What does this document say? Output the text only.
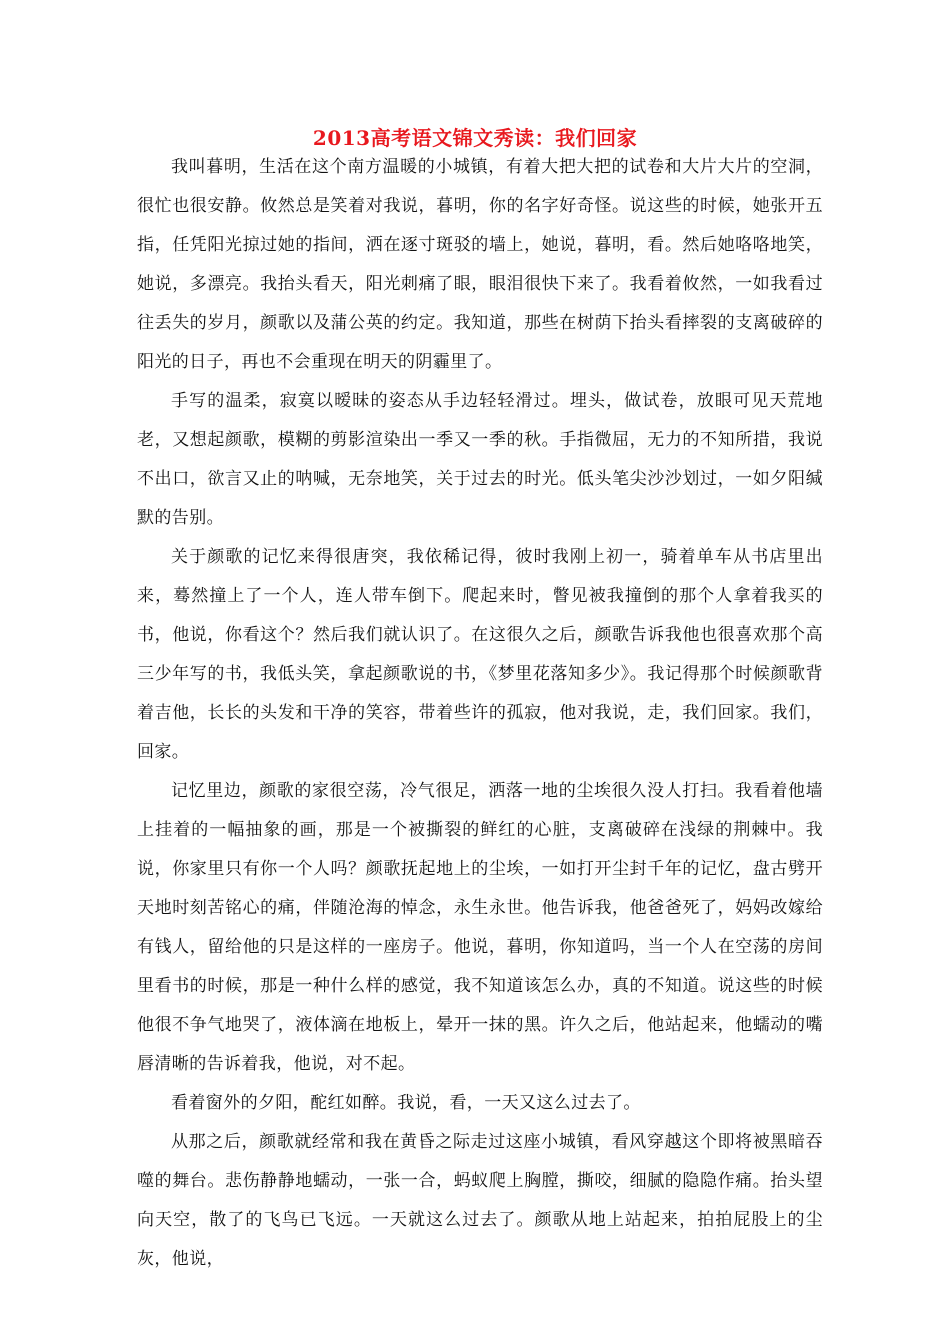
2013高考语文锦文秀读：我们回家

我叫暮明，生活在这个南方温暖的小城镇，有着大把大把的试卷和大片大片的空洞，很忙也很安静。攸然总是笑着对我说，暮明，你的名字好奇怪。说这些的时候，她张开五指，任凭阳光掠过她的指间，洒在逐寸斑驳的墙上，她说，暮明，看。然后她咯咯地笑，她说，多漂亮。我抬头看天，阳光刺痛了眼，眼泪很快下来了。我看着攸然，一如我看过往丢失的岁月，颜歌以及蒲公英的约定。我知道，那些在树荫下抬头看摔裂的支离破碎的阳光的日子，再也不会重现在明天的阴霾里了。

手写的温柔，寂寞以暧昧的姿态从手边轻轻滑过。埋头，做试卷，放眼可见天荒地老，又想起颜歌，模糊的剪影渲染出一季又一季的秋。手指微屈，无力的不知所措，我说不出口，欲言又止的呐喊，无奈地笑，关于过去的时光。低头笔尖沙沙划过，一如夕阳缄默的告别。

关于颜歌的记忆来得很唐突，我依稀记得，彼时我刚上初一，骑着单车从书店里出来，蓦然撞上了一个人，连人带车倒下。爬起来时，瞥见被我撞倒的那个人拿着我买的书，他说，你看这个？然后我们就认识了。在这很久之后，颜歌告诉我他也很喜欢那个高三少年写的书，我低头笑，拿起颜歌说的书，《梦里花落知多少》。我记得那个时候颜歌背着吉他，长长的头发和干净的笑容，带着些许的孤寂，他对我说，走，我们回家。我们，回家。

记忆里边，颜歌的家很空荡，冷气很足，洒落一地的尘埃很久没人打扫。我看着他墙上挂着的一幅抽象的画，那是一个被撕裂的鲜红的心脏，支离破碎在浅绿的荆棘中。我说，你家里只有你一个人吗？颜歌抚起地上的尘埃，一如打开尘封千年的记忆，盘古劈开天地时刻苦铭心的痛，伴随沧海的悼念，永生永世。他告诉我，他爸爸死了，妈妈改嫁给有钱人，留给他的只是这样的一座房子。他说，暮明，你知道吗，当一个人在空荡的房间里看书的时候，那是一种什么样的感觉，我不知道该怎么办，真的不知道。说这些的时候他很不争气地哭了，液体滴在地板上，晕开一抹的黑。许久之后，他站起来，他蠕动的嘴唇清晰的告诉着我，他说，对不起。

看着窗外的夕阳，酡红如醉。我说，看，一天又这么过去了。

从那之后，颜歌就经常和我在黄昏之际走过这座小城镇，看风穿越这个即将被黑暗吞噬的舞台。悲伤静静地蠕动，一张一合，蚂蚁爬上胸膛，撕咬，细腻的隐隐作痛。抬头望向天空，散了的飞鸟已飞远。一天就这么过去了。颜歌从地上站起来，拍拍屁股上的尘灰，他说，
